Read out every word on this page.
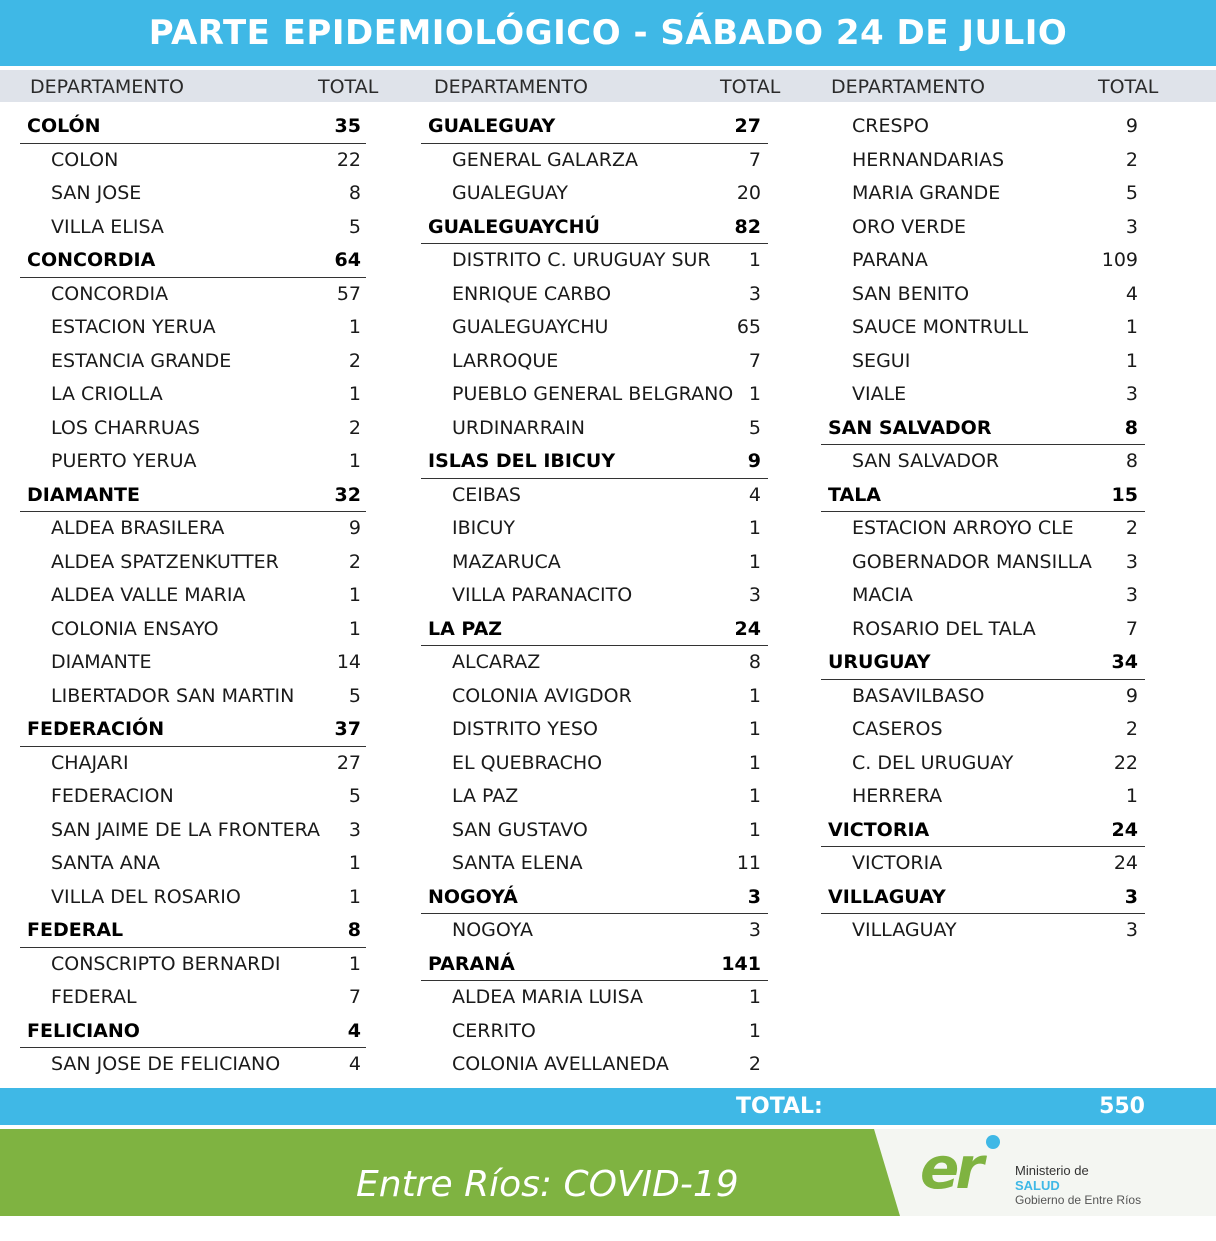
PARTE EPIDEMIOLÓGICO - SÁBADO 24 DE JULIO
DEPARTAMENTO	TOTAL	DEPARTAMENTO	TOTAL	DEPARTAMENTO	TOTAL
COLÓN	35
COLON	22
SAN JOSE	8
VILLA ELISA	5
CONCORDIA	64
CONCORDIA	57
ESTACION YERUA	1
ESTANCIA GRANDE	2
LA CRIOLLA	1
LOS CHARRUAS	2
PUERTO YERUA	1
DIAMANTE	32
ALDEA BRASILERA	9
ALDEA SPATZENKUTTER	2
ALDEA VALLE MARIA	1
COLONIA ENSAYO	1
DIAMANTE	14
LIBERTADOR SAN MARTIN	5
FEDERACIÓN	37
CHAJARI	27
FEDERACION	5
SAN JAIME DE LA FRONTERA 3
SANTA ANA	1
VILLA DEL ROSARIO	1
FEDERAL	8
CONSCRIPTO BERNARDI	1
FEDERAL	7
FELICIANO	4
SAN JOSE DE FELICIANO	4
GUALEGUAY	27
GENERAL GALARZA	7
GUALEGUAY	20
GUALEGUAYCHÚ	82
DISTRITO C. URUGUAY SUR 1
ENRIQUE CARBO	3
GUALEGUAYCHU	65
LARROQUE	7
PUEBLO GENERAL BELGRANO 1
URDINARRAIN	5
ISLAS DEL IBICUY	9
CEIBAS	4
IBICUY	1
MAZARUCA	1
VILLA PARANACITO	3
LA PAZ	24
ALCARAZ	8
COLONIA AVIGDOR	1
DISTRITO YESO	1
EL QUEBRACHO	1
LA PAZ	1
SAN GUSTAVO	1
SANTA ELENA	11
NOGOYÁ	3
NOGOYA	3
PARANÁ	141
ALDEA MARIA LUISA	1
CERRITO	1
COLONIA AVELLANEDA	2
CRESPO	9
HERNANDARIAS	2
MARIA GRANDE	5
ORO VERDE	3
PARANA	109
SAN BENITO	4
SAUCE MONTRULL	1
SEGUI	1
VIALE	3
SAN SALVADOR	8
SAN SALVADOR	8
TALA	15
ESTACION ARROYO CLE	2
GOBERNADOR MANSILLA 3
MACIA	3
ROSARIO DEL TALA	7
URUGUAY	34
BASAVILBASO	9
CASEROS	2
C. DEL URUGUAY	22
HERRERA	1
VICTORIA	24
VICTORIA	24
VILLAGUAY	3
VILLAGUAY	3
TOTAL:	550
Entre Ríos: COVID-19	er	Ministerio de
SALUD
Gobierno de Entre Ríos
